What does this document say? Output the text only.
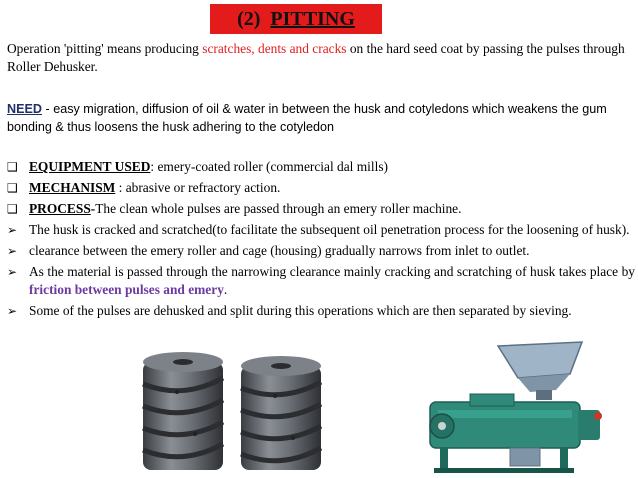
(2) PITTING
Operation 'pitting' means producing scratches, dents and cracks on the hard seed coat by passing the pulses through Roller Dehusker.
NEED - easy migration, diffusion of oil & water in between the husk and cotyledons which weakens the gum bonding & thus loosens the husk adhering to the cotyledon
❑ EQUIPMENT USED: emery-coated roller (commercial dal mills)
❑ MECHANISM : abrasive or refractory action.
❑ PROCESS-The clean whole pulses are passed through an emery roller machine.
➢ The husk is cracked and scratched(to facilitate the subsequent oil penetration process for the loosening of husk).
➢ clearance between the emery roller and cage (housing) gradually narrows from inlet to outlet.
➢ As the material is passed through the narrowing clearance mainly cracking and scratching of husk takes place by friction between pulses and emery.
➢ Some of the pulses are dehusked and split during this operations which are then separated by sieving.
